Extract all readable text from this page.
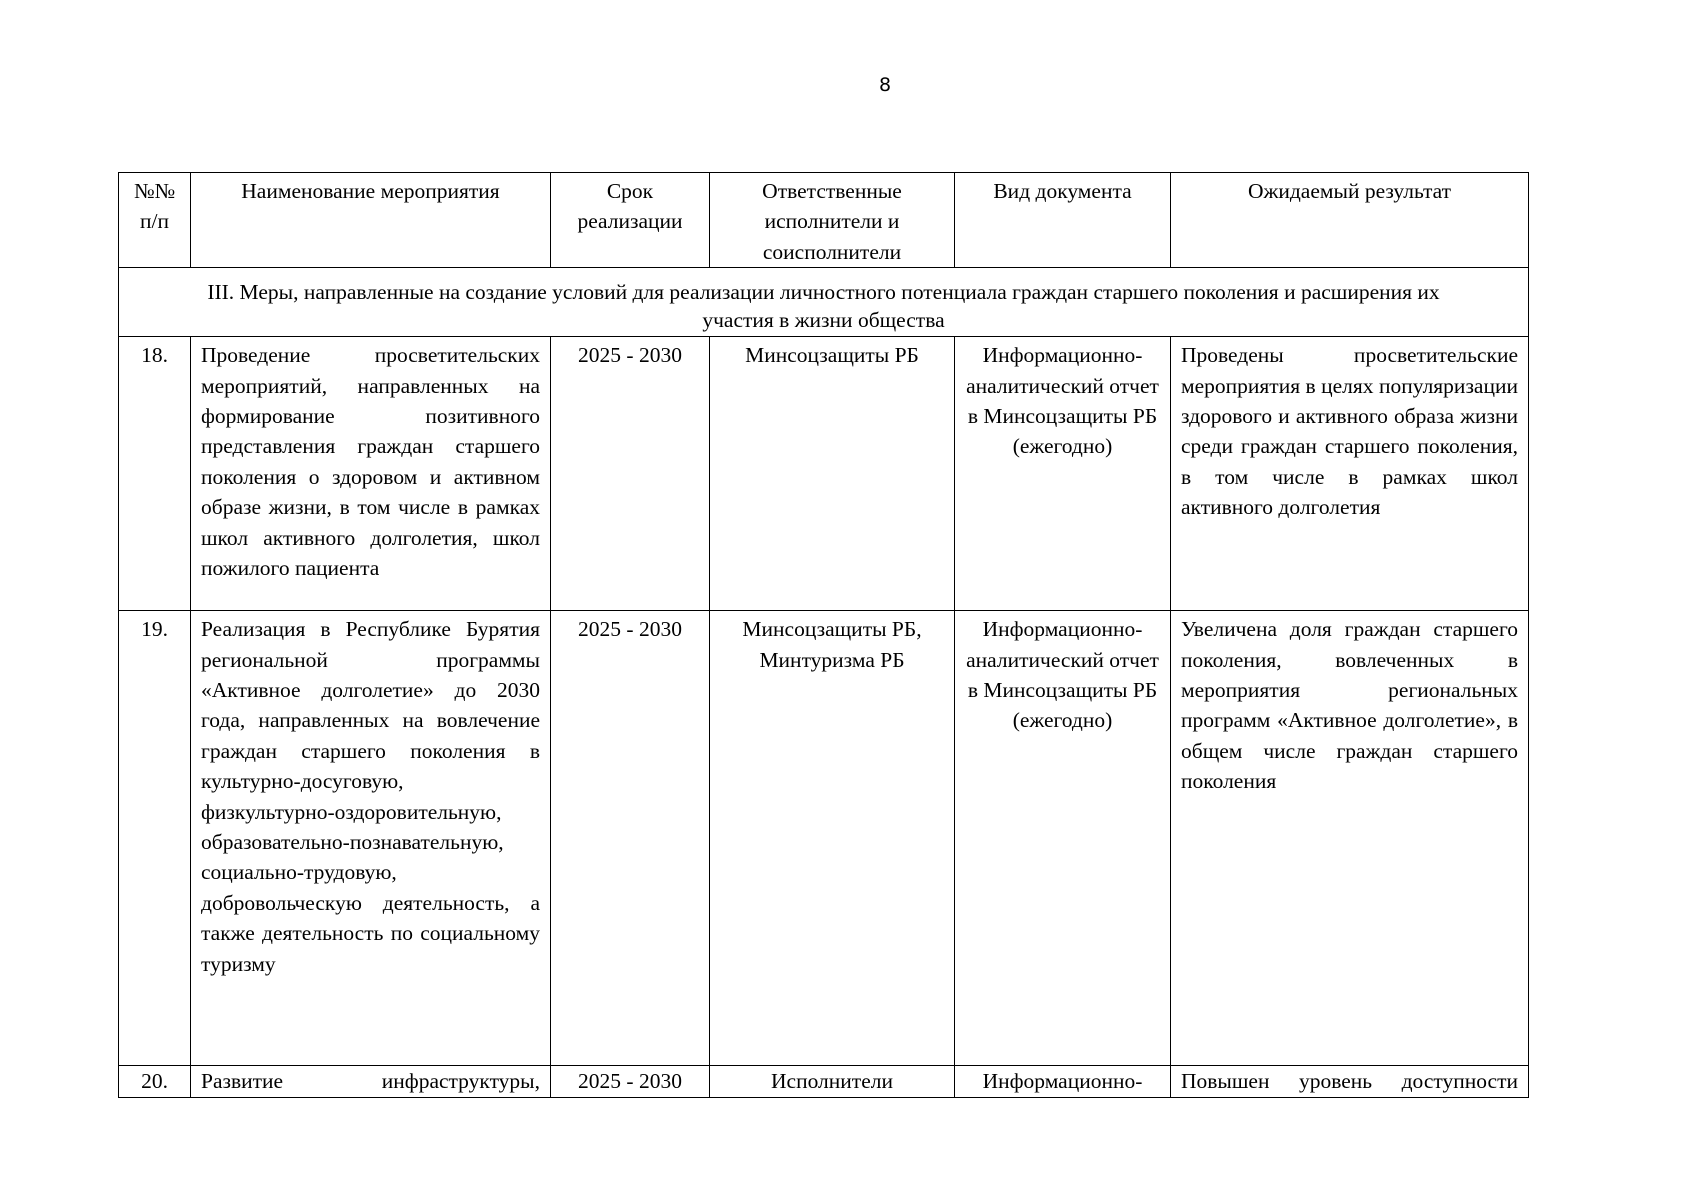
8
№№ п/п	Наименование мероприятия	Срок реализации	Ответственные исполнители и соисполнители	Вид документа	Ожидаемый результат
III. Меры, направленные на создание условий для реализации личностного потенциала граждан старшего поколения и расширения их участия в жизни общества					
18.	Проведение просветительских мероприятий, направленных на формирование позитивного представления граждан старшего поколения о здоровом и активном образе жизни, в том числе в рамках школ активного долголетия, школ пожилого пациента	2025 - 2030	Минсоцзащиты РБ	Информационно-аналитический отчет в Минсоцзащиты РБ (ежегодно)	Проведены просветительские мероприятия в целях популяризации здорового и активного образа жизни среди граждан старшего поколения, в том числе в рамках школ активного долголетия
19.	Реализация в Республике Бурятия региональной программы «Активное долголетие» до 2030 года, направленных на вовлечение граждан старшего поколения в культурно-досуговую, физкультурно-оздоровительную, образовательно-познавательную, социально-трудовую, добровольческую деятельность, а также деятельность по социальному туризму	2025 - 2030	Минсоцзащиты РБ, Минтуризма РБ	Информационно-аналитический отчет в Минсоцзащиты РБ (ежегодно)	Увеличена доля граждан старшего поколения, вовлеченных в мероприятия региональных программ «Активное долголетие», в общем числе граждан старшего поколения
20.	Развитие инфраструктуры,	2025 - 2030	Исполнители	Информационно-	Повышен уровень доступности
